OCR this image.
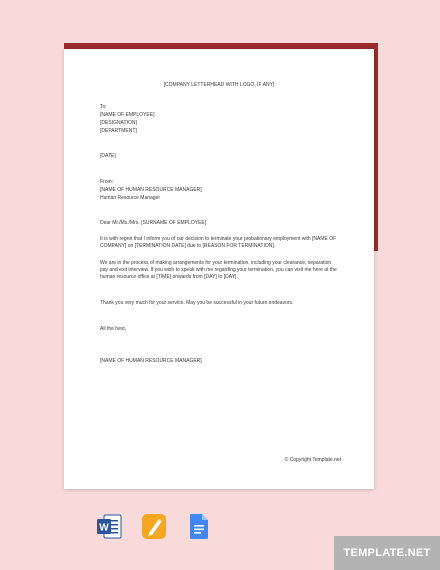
[COMPANY LETTERHEAD WITH LOGO, IF ANY]
To:
[NAME OF EMPLOYEE]
[DESIGNATION]
[DEPARTMENT]
[DATE]
From:
[NAME OF HUMAN RESOURCE MANAGER]
Human Resource Manager
Dear Mr./Ms./Mrs. [SURNAME OF EMPLOYEE]
It is with regret that I inform you of our decision to terminate your probationary employment with [NAME OF COMPANY] on [TERMINATION DATE] due to [REASON FOR TERMINATION].
We are in the process of making arrangements for your termination, including your clearance, separation pay and exit interview. If you wish to speak with me regarding your termination, you can visit me here at the human resource office at [TIME] onwards from [DAY] to [DAY].
Thank you very much for your service. May you be successful in your future endeavors.
All the best,
[NAME OF HUMAN RESOURCE MANAGER]
© Copyright Template.net
W
TEMPLATE.NET
